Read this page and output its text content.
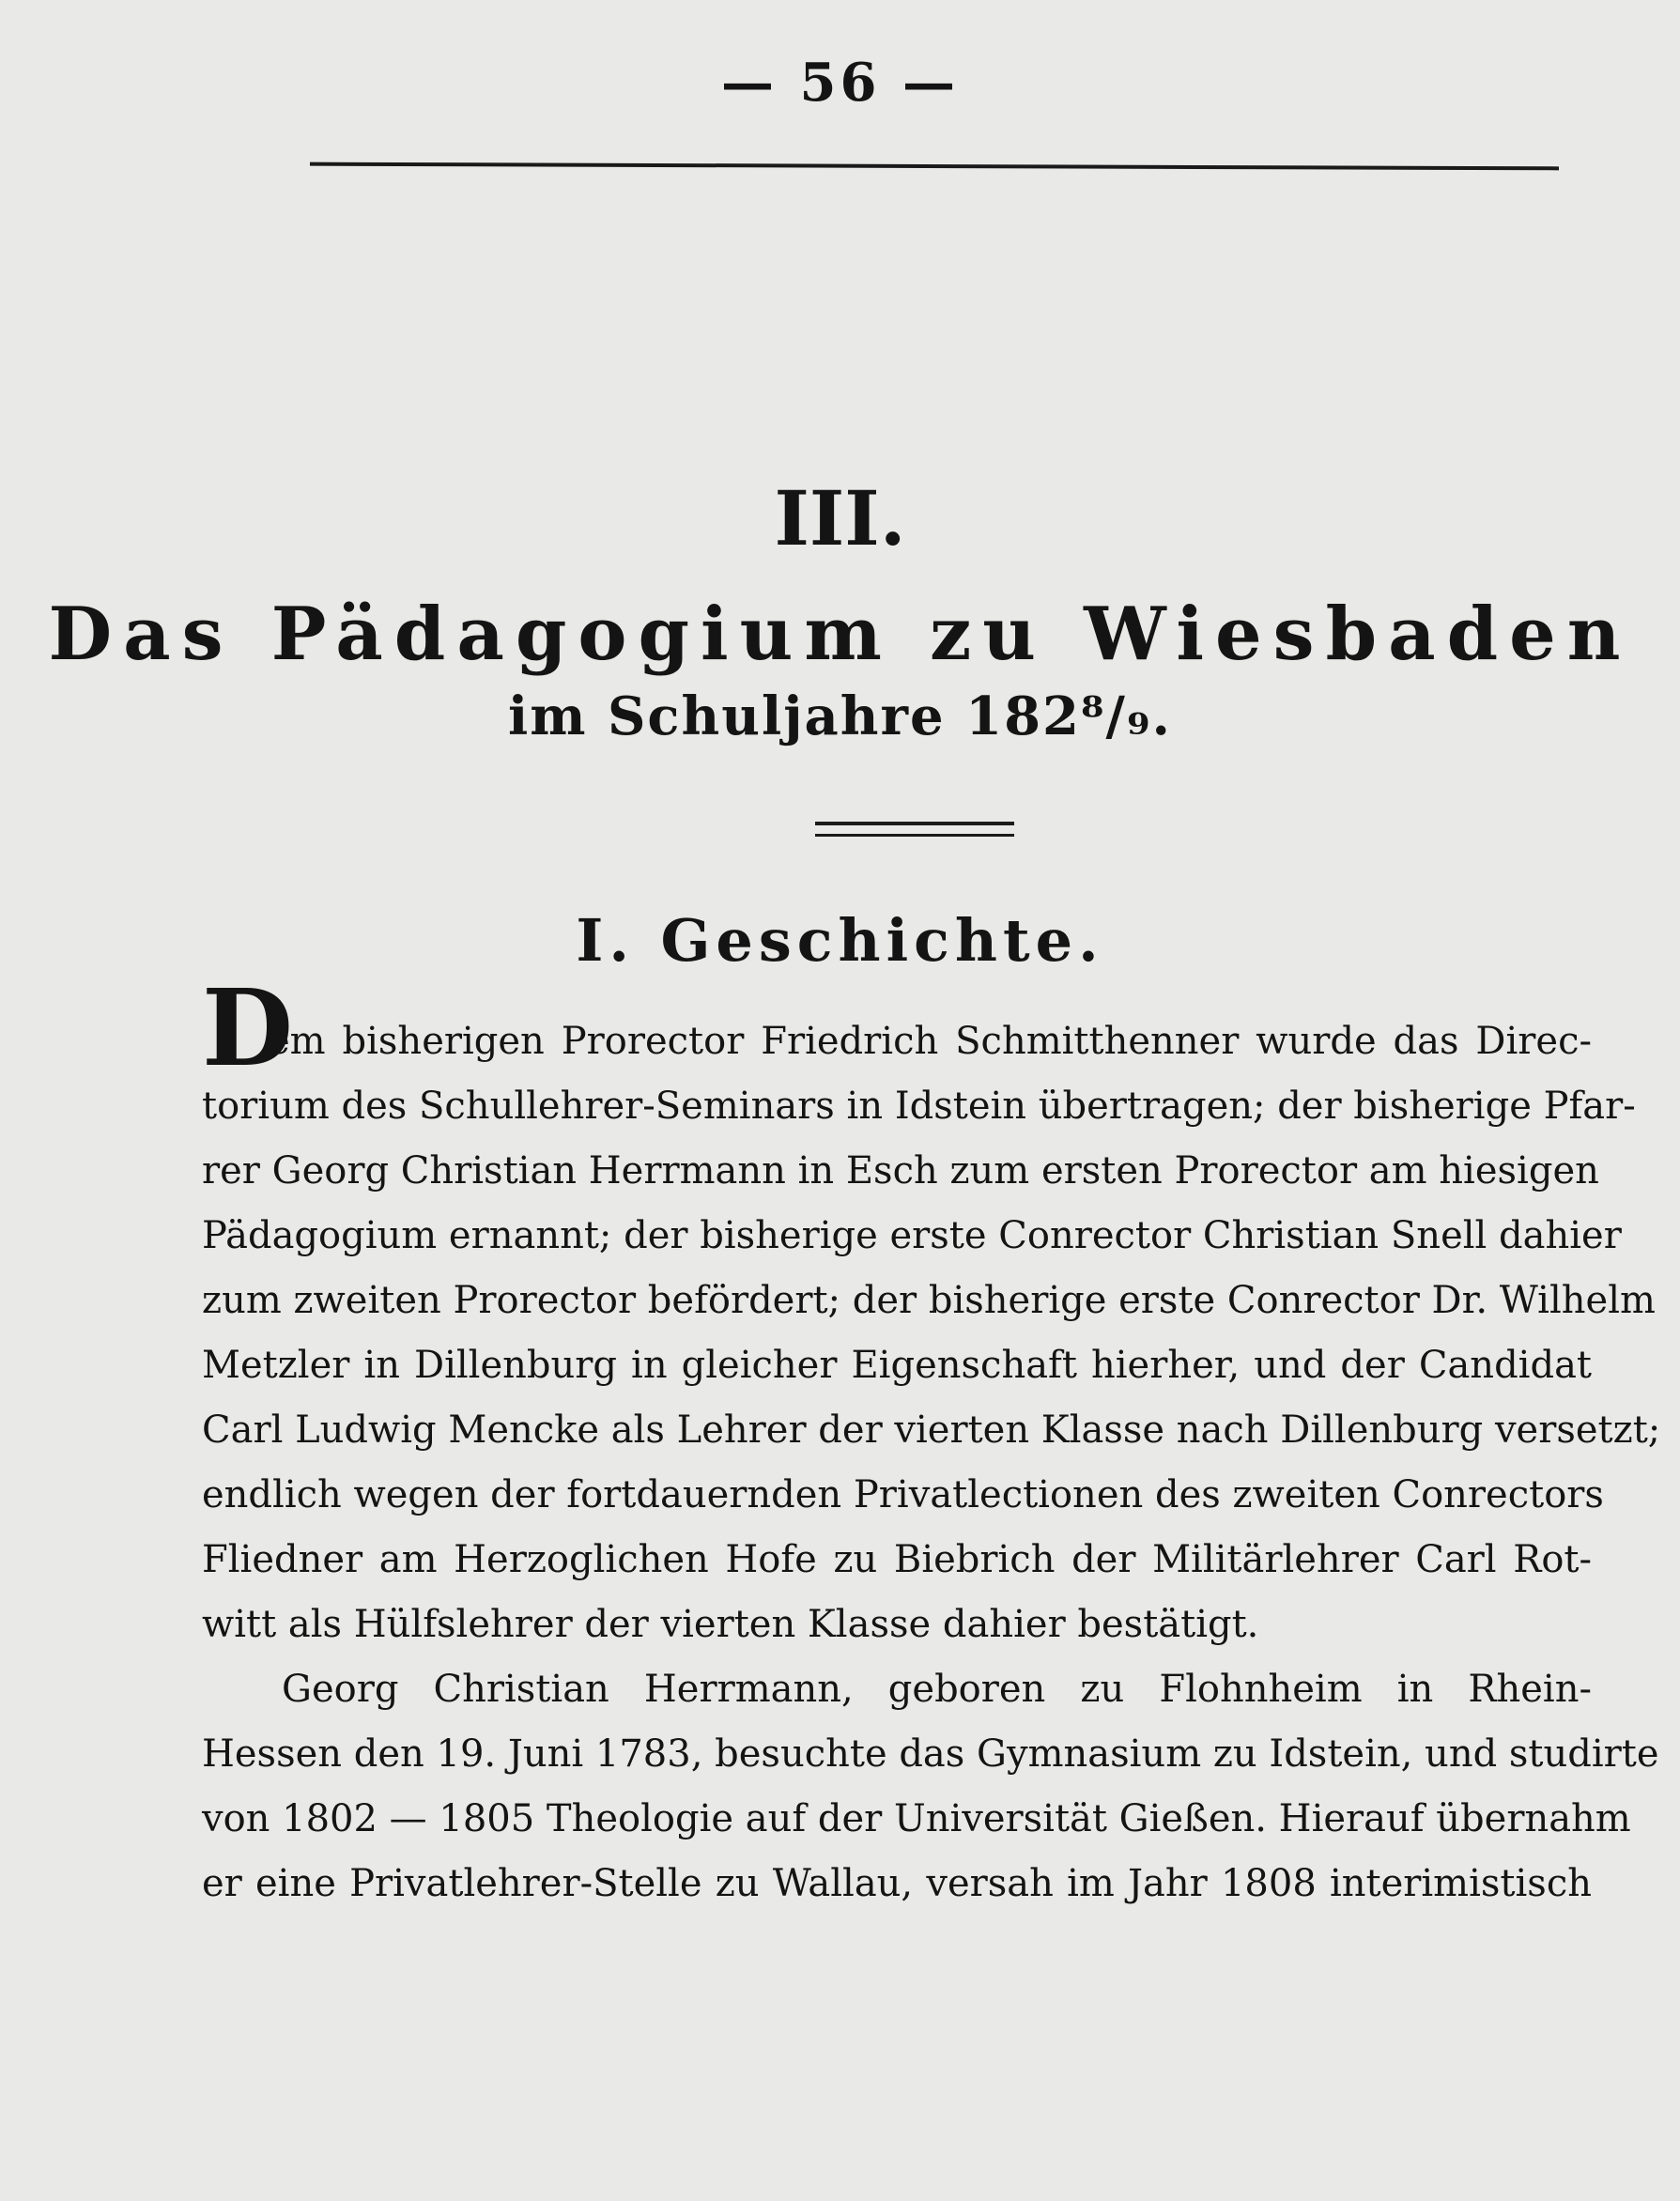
— 56 —
III.
Das Pädagogium zu Wiesbaden
im Schuljahre 182⁸/₉.
I. Geschichte.
D
em bisherigen Prorector Friedrich Schmitthenner wurde das Direc-
torium des Schullehrer-Seminars in Idstein übertragen; der bisherige Pfar-
rer Georg Christian Herrmann in Esch zum ersten Prorector am hiesigen
Pädagogium ernannt; der bisherige erste Conrector Christian Snell dahier
zum zweiten Prorector befördert; der bisherige erste Conrector Dr. Wilhelm
Metzler in Dillenburg in gleicher Eigenschaft hierher, und der Candidat
Carl Ludwig Mencke als Lehrer der vierten Klasse nach Dillenburg versetzt;
endlich wegen der fortdauernden Privatlectionen des zweiten Conrectors
Fliedner am Herzoglichen Hofe zu Biebrich der Militärlehrer Carl Rot-
witt als Hülfslehrer der vierten Klasse dahier bestätigt.
Georg Christian Herrmann, geboren zu Flohnheim in Rhein-
Hessen den 19. Juni 1783, besuchte das Gymnasium zu Idstein, und studirte
von 1802 — 1805 Theologie auf der Universität Gießen. Hierauf übernahm
er eine Privatlehrer-Stelle zu Wallau, versah im Jahr 1808 interimistisch
